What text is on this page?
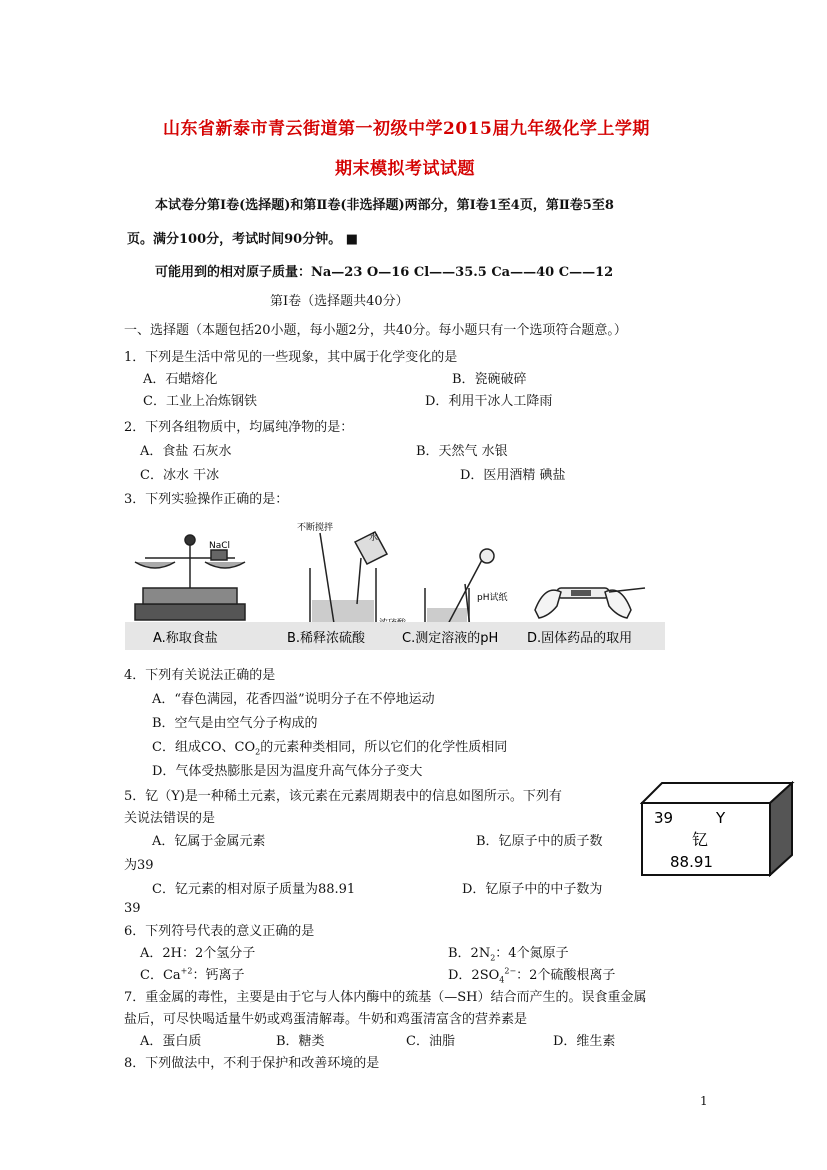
山东省新泰市青云街道第一初级中学2015届九年级化学上学期
期末模拟考试试题
本试卷分第Ⅰ卷(选择题)和第Ⅱ卷(非选择题)两部分，第Ⅰ卷1至4页，第Ⅱ卷5至8
页。满分100分，考试时间90分钟。 ■
可能用到的相对原子质量：Na—23 O—16 Cl——35.5 Ca——40 C——12
第Ⅰ卷（选择题共40分）
一、选择题（本题包括20小题，每小题2分，共40分。每小题只有一个选项符合题意。）
1．下列是生活中常见的一些现象，其中属于化学变化的是
A．石蜡熔化	B．瓷碗破碎
C．工业上冶炼钢铁	D．利用干冰人工降雨
2．下列各组物质中，均属纯净物的是：
A．食盐 石灰水	B．天然气 水银
C．冰水 干冰	D．医用酒精 碘盐
3．下列实验操作正确的是：
NaCl
不断搅拌
水
pH试纸
A.称取食盐	B.稀释浓硫酸	C.测定溶液的pH D.固体药品的取用
4．下列有关说法正确的是
A．“春色满园，花香四溢”说明分子在不停地运动
B．空气是由空气分子构成的
C．组成CO、$CO_2$的元素种类相同，所以它们的化学性质相同
D．气体受热膨胀是因为温度升高气体分子变大
5．钇（Y)是一种稀土元素，该元素在元素周期表中的信息如图所示。下列有
关说法错误的是
A．钇属于金属元素	B．钇原子中的质子数
为39
C．钇元素的相对原子质量为88.91	D．钇原子中的中子数为
39
39	Y
钇
88.91
6．下列符号代表的意义正确的是
A．2H：2个氢分子	B．$2N_2$：4个氮原子
C．$Ca^{+2}$：钙离子	D．$2SO_4^{2-}$：2个硫酸根离子
7．重金属的毒性，主要是由于它与人体内酶中的巯基（—SH）结合而产生的。误食重金属
盐后，可尽快喝适量牛奶或鸡蛋清解毒。牛奶和鸡蛋清富含的营养素是
A．蛋白质	B．糖类	C．油脂	D．维生素
8．下列做法中，不利于保护和改善环境的是
1
